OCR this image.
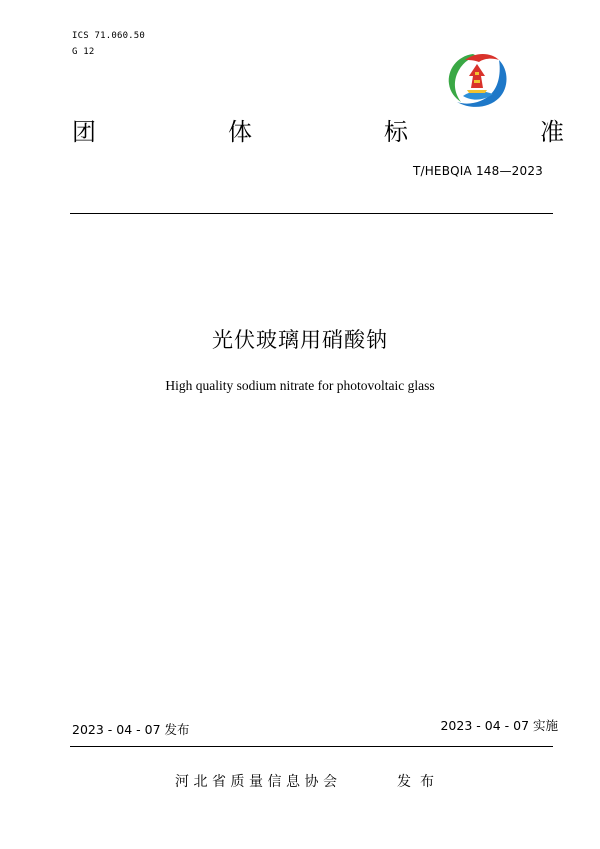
ICS 71.060.50
G 12
团	体	标	准
T/HEBQIA 148—2023
光伏玻璃用硝酸钠
High quality sodium nitrate for photovoltaic glass
2023 - 04 - 07 发布	2023 - 04 - 07 实施
河北省质量信息协会	发布
